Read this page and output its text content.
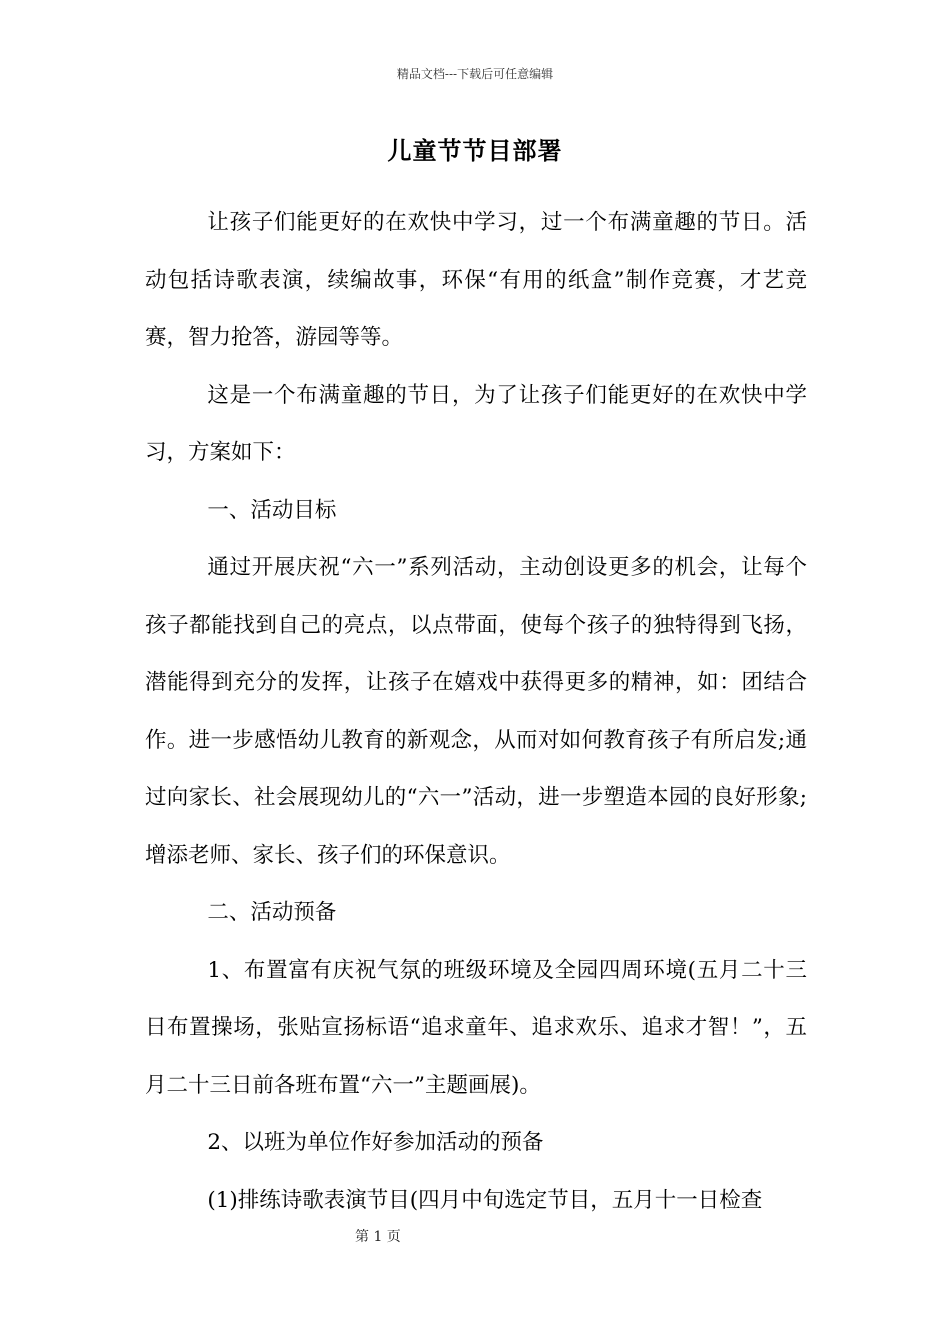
精品文档---下载后可任意编辑
儿童节节目部署

让孩子们能更好的在欢快中学习，过一个布满童趣的节日。活动包括诗歌表演，续编故事，环保“有用的纸盒”制作竞赛，才艺竞赛，智力抢答，游园等等。

这是一个布满童趣的节日，为了让孩子们能更好的在欢快中学习，方案如下：

一、活动目标

通过开展庆祝“六一”系列活动，主动创设更多的机会，让每个孩子都能找到自己的亮点，以点带面，使每个孩子的独特得到飞扬，潜能得到充分的发挥，让孩子在嬉戏中获得更多的精神，如：团结合作。进一步感悟幼儿教育的新观念，从而对如何教育孩子有所启发;通过向家长、社会展现幼儿的“六一”活动，进一步塑造本园的良好形象;增添老师、家长、孩子们的环保意识。

二、活动预备

1、布置富有庆祝气氛的班级环境及全园四周环境(五月二十三日布置操场，张贴宣扬标语“追求童年、追求欢乐、追求才智！”，五月二十三日前各班布置“六一”主题画展)。

2、以班为单位作好参加活动的预备

(1)排练诗歌表演节目(四月中旬选定节目，五月十一日检查

第 1 页
